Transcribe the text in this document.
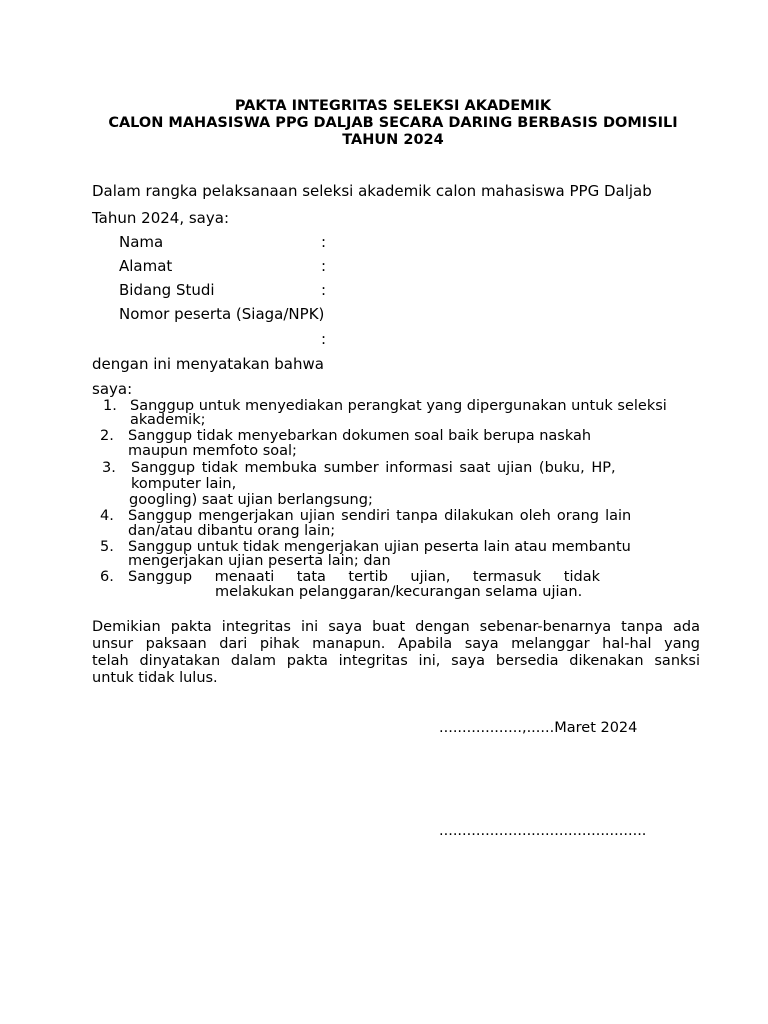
PAKTA INTEGRITAS SELEKSI AKADEMIK
CALON MAHASISWA PPG DALJAB SECARA DARING BERBASIS DOMISILI
TAHUN 2024
Dalam rangka pelaksanaan seleksi akademik calon mahasiswa PPG Daljab
Tahun 2024, saya:
Nama	:
Alamat	:
Bidang Studi	:
Nomor peserta (Siaga/NPK)
:
dengan ini menyatakan bahwa
saya:
1. Sanggup untuk menyediakan perangkat yang dipergunakan untuk seleksi
akademik;
2. Sanggup tidak menyebarkan dokumen soal baik berupa naskah
maupun memfoto soal;
3. Sanggup tidak membuka sumber informasi saat ujian (buku, HP,
komputer lain,
googling) saat ujian berlangsung;
4. Sanggup mengerjakan ujian sendiri tanpa dilakukan oleh orang lain
dan/atau dibantu orang lain;
5. Sanggup untuk tidak mengerjakan ujian peserta lain atau membantu
mengerjakan ujian peserta lain; dan
6. Sanggup menaati tata tertib ujian, termasuk tidak
melakukan pelanggaran/kecurangan selama ujian.
Demikian pakta integritas ini saya buat dengan sebenar-benarnya tanpa ada
unsur paksaan dari pihak manapun. Apabila saya melanggar hal-hal yang
telah dinyatakan dalam pakta integritas ini, saya bersedia dikenakan sanksi
untuk tidak lulus.
..................,......Maret 2024
.............................................
